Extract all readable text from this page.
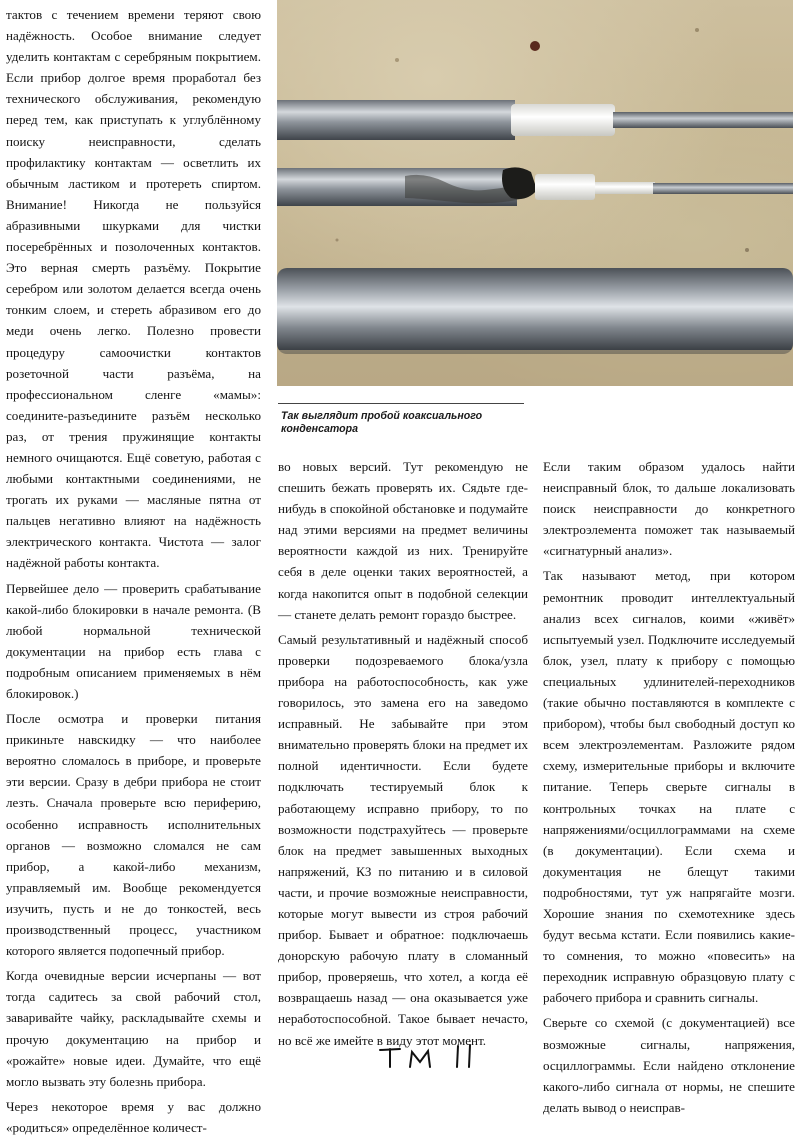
тактов с течением времени теряют свою надёжность. Особое внимание следует уделить контактам с серебряным покрытием. Если прибор долгое время проработал без технического обслуживания, рекомендую перед тем, как приступать к углублённому поиску неисправности, сделать профилактику контактам — осветлить их обычным ластиком и протереть спиртом. Внимание! Никогда не пользуйся абразивными шкурками для чистки посеребрённых и позолоченных контактов. Это верная смерть разъёму. Покрытие серебром или золотом делается всегда очень тонким слоем, и стереть абразивом его до меди очень легко. Полезно провести процедуру самоочистки контактов розеточной части разъёма, на профессиональном сленге «мамы»: соедините-разъедините разъём несколько раз, от трения пружинящие контакты немного очищаются. Ещё советую, работая с любыми контактными соединениями, не трогать их руками — масляные пятна от пальцев негативно влияют на надёжность электрического контакта. Чистота — залог надёжной работы контакта.

Первейшее дело — проверить срабатывание какой-либо блокировки в начале ремонта. (В любой нормальной технической документации на прибор есть глава с подробным описанием применяемых в нём блокировок.)

После осмотра и проверки питания прикиньте навскидку — что наиболее вероятно сломалось в приборе, и проверьте эти версии. Сразу в дебри прибора не стоит лезть. Сначала проверьте всю периферию, особенно исправность исполнительных органов — возможно сломался не сам прибор, а какой-либо механизм, управляемый им. Вообще рекомендуется изучить, пусть и не до тонкостей, весь производственный процесс, участником которого является подопечный прибор.

Когда очевидные версии исчерпаны — вот тогда садитесь за свой рабочий стол, заваривайте чайку, раскладывайте схемы и прочую документацию на прибор и «рожайте» новые идеи. Думайте, что ещё могло вызвать эту болезнь прибора.

Через некоторое время у вас должно «родиться» определённое количест-

Так выглядит пробой коаксиального конденсатора

во новых версий. Тут рекомендую не спешить бежать проверять их. Сядьте где-нибудь в спокойной обстановке и подумайте над этими версиями на предмет величины вероятности каждой из них. Тренируйте себя в деле оценки таких вероятностей, а когда накопится опыт в подобной селекции — станете делать ремонт гораздо быстрее.

Самый результативный и надёжный способ проверки подозреваемого блока/узла прибора на работоспособность, как уже говорилось, это замена его на заведомо исправный. Не забывайте при этом внимательно проверять блоки на предмет их полной идентичности. Если будете подключать тестируемый блок к работающему исправно прибору, то по возможности подстрахуйтесь — проверьте блок на предмет завышенных выходных напряжений, КЗ по питанию и в силовой части, и прочие возможные неисправности, которые могут вывести из строя рабочий прибор. Бывает и обратное: подключаешь донорскую рабочую плату в сломанный прибор, проверяешь, что хотел, а когда её возвращаешь назад — она оказывается уже неработоспособной. Такое бывает нечасто, но всё же имейте в виду этот момент.

Если таким образом удалось найти неисправный блок, то дальше локализовать поиск неисправности до конкретного электроэлемента поможет так называемый «сигнатурный анализ».

Так называют метод, при котором ремонтник проводит интеллектуальный анализ всех сигналов, коими «живёт» испытуемый узел. Подключите исследуемый блок, узел, плату к прибору с помощью специальных удлинителей-переходников (такие обычно поставляются в комплекте с прибором), чтобы был свободный доступ ко всем электроэлементам. Разложите рядом схему, измерительные приборы и включите питание. Теперь сверьте сигналы в контрольных точках на плате с напряжениями/осциллограммами на схеме (в документации). Если схема и документация не блещут такими подробностями, тут уж напрягайте мозги. Хорошие знания по схемотехнике здесь будут весьма кстати. Если появились какие-то сомнения, то можно «повесить» на переходник исправную образцовую плату с рабочего прибора и сравнить сигналы.

Сверьте со схемой (с документацией) все возможные сигналы, напряжения, осциллограммы. Если найдено отклонение какого-либо сигнала от нормы, не спешите делать вывод о неисправ-
